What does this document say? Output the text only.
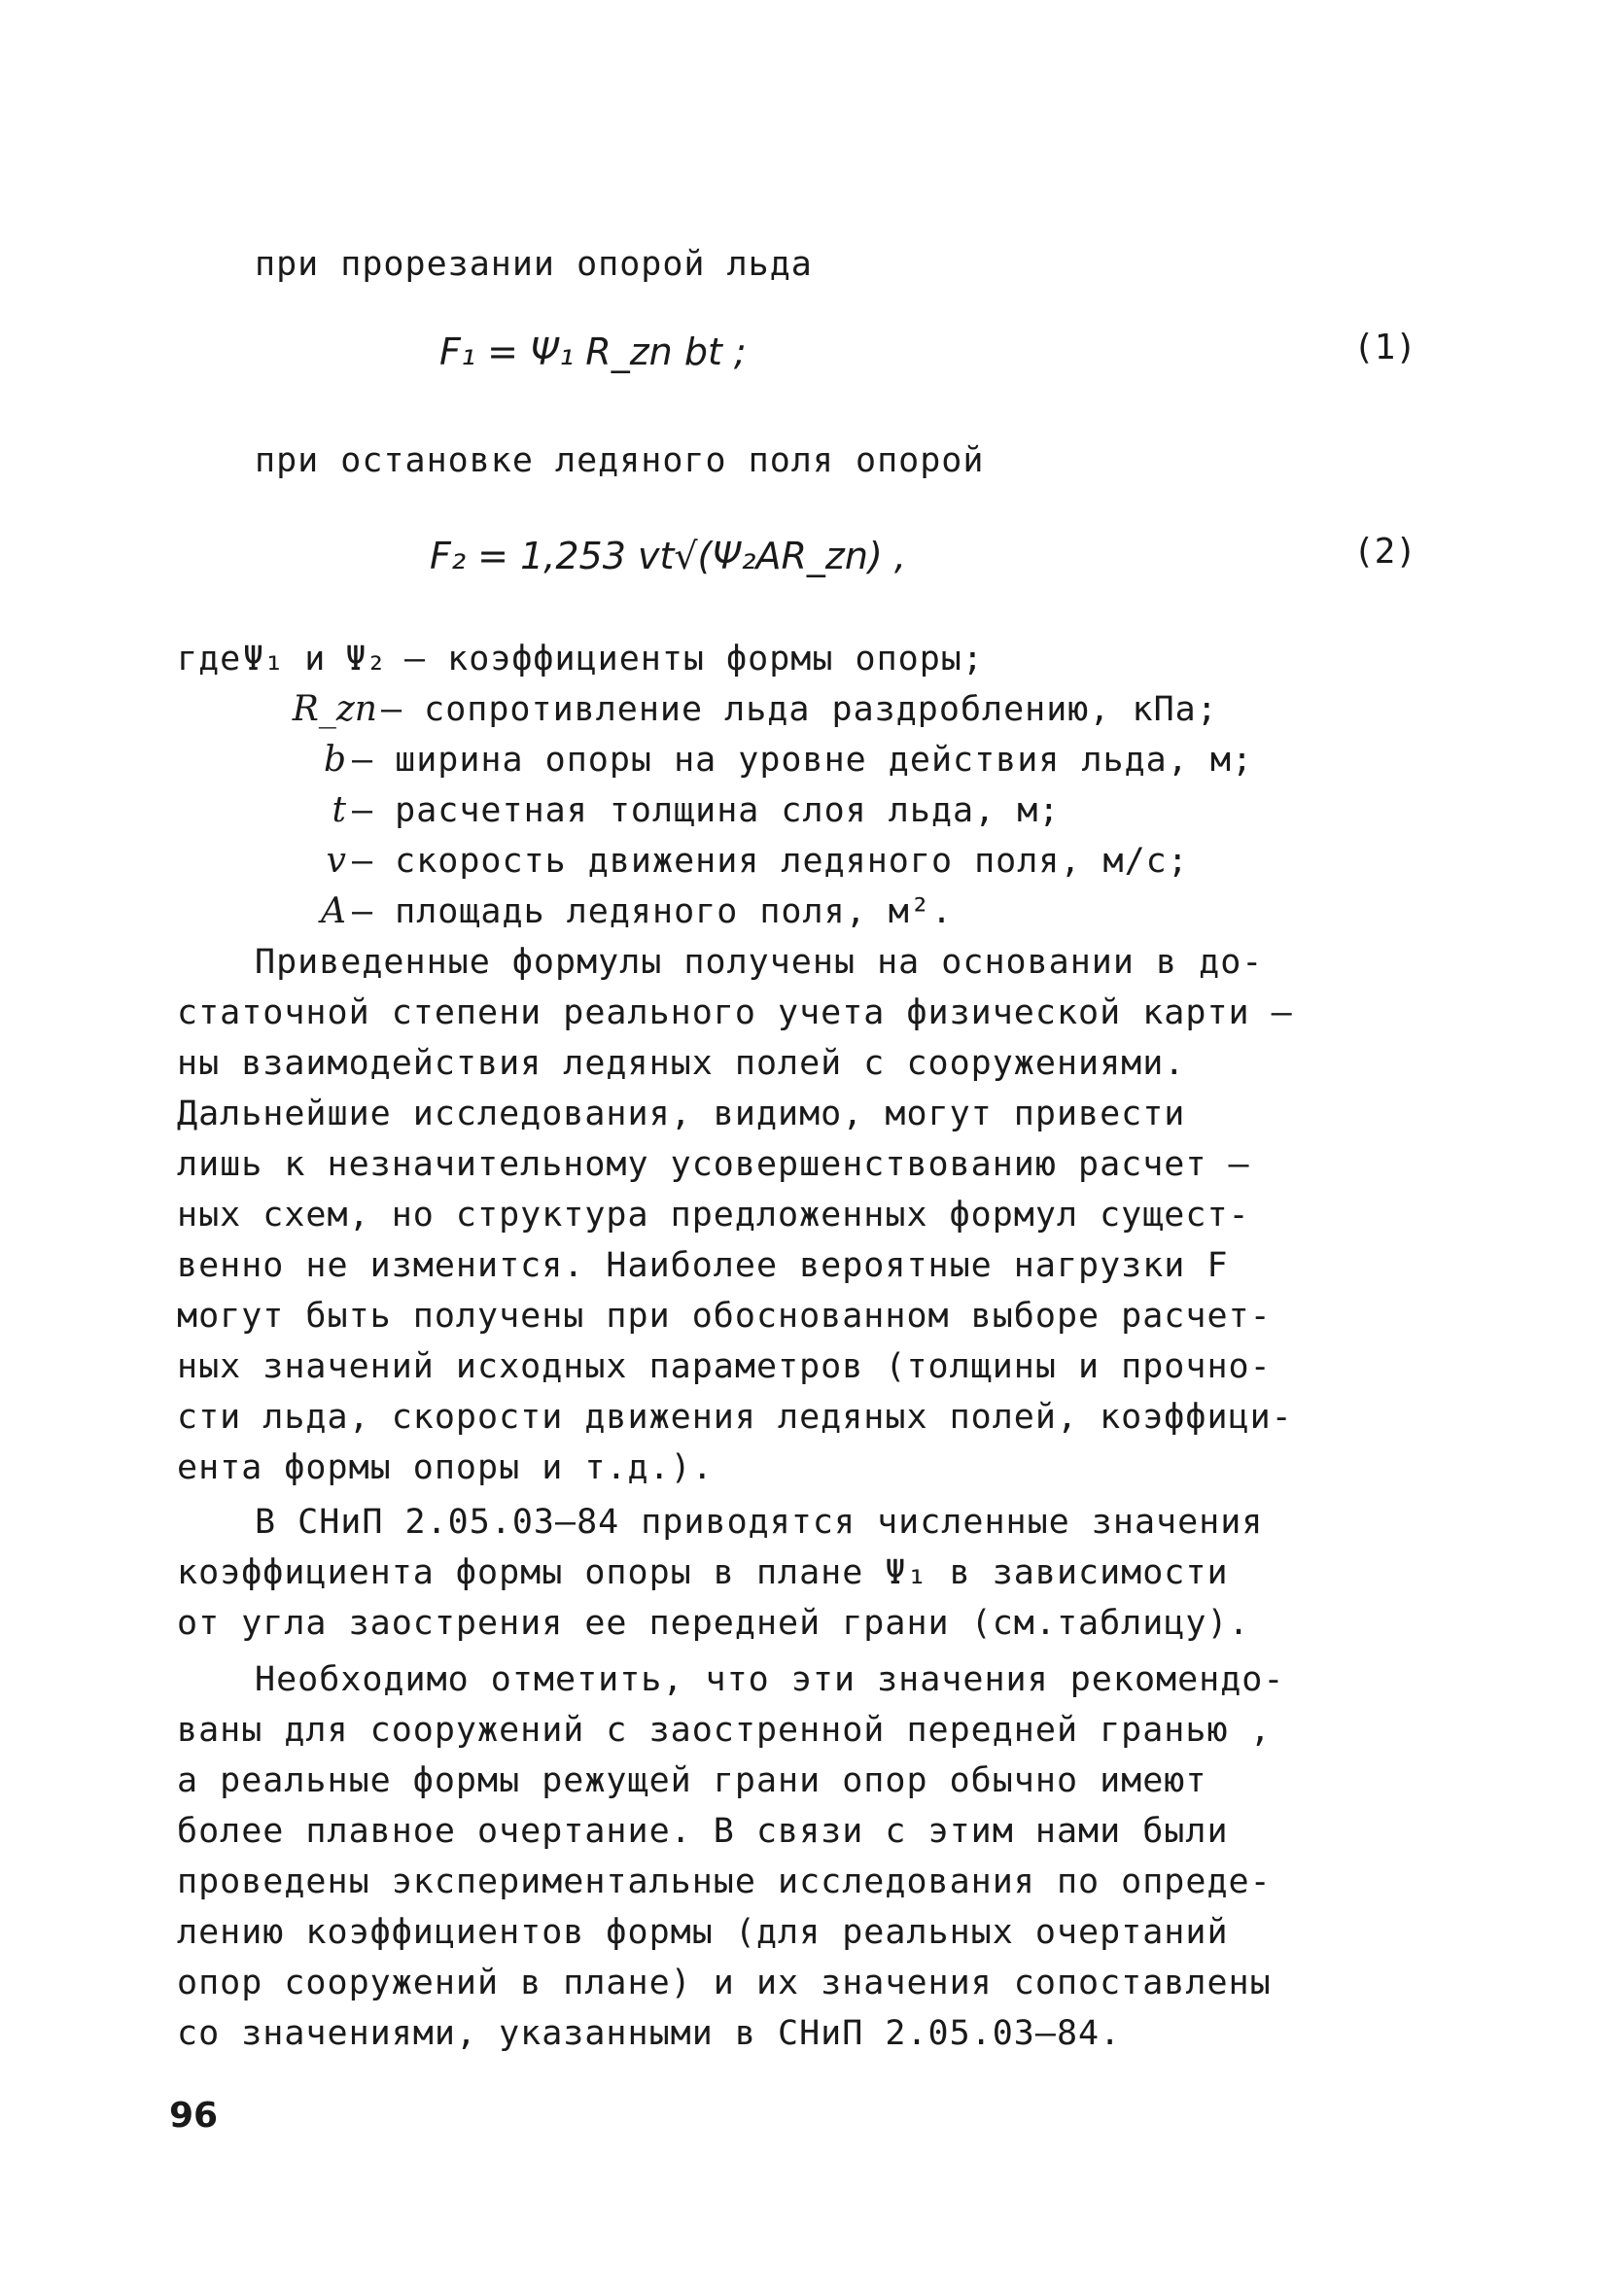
при прорезании опорой льда
F₁ = Ψ₁ R_zn bt ;	(1)
при остановке ледяного поля опорой
F₂ = 1,253 vt√(Ψ₂AR_zn) ,	(2)
где Ψ₁ и Ψ₂ – коэффициенты формы опоры;
R_zn – сопротивление льда раздроблению, кПа;
b – ширина опоры на уровне действия льда, м;
t – расчетная толщина слоя льда, м;
v – скорость движения ледяного поля, м/с;
A – площадь ледяного поля, м².
Приведенные формулы получены на основании в до-
статочной степени реального учета физической карти –
ны взаимодействия ледяных полей с сооружениями.
Дальнейшие исследования, видимо, могут привести
лишь к незначительному усовершенствованию расчет –
ных схем, но структура предложенных формул сущест-
венно не изменится. Наиболее вероятные нагрузки F
могут быть получены при обоснованном выборе расчет-
ных значений исходных параметров (толщины и прочно-
сти льда, скорости движения ледяных полей, коэффици-
ента формы опоры и т.д.).
В СНиП 2.05.03–84 приводятся численные значения
коэффициента формы опоры в плане Ψ₁ в зависимости
от угла заострения ее передней грани (см.таблицу).
Необходимо отметить, что эти значения рекомендо-
ваны для сооружений с заостренной передней гранью ,
а реальные формы режущей грани опор обычно имеют
более плавное очертание. В связи с этим нами были
проведены экспериментальные исследования по опреде-
лению коэффициентов формы (для реальных очертаний
опор сооружений в плане) и их значения сопоставлены
со значениями, указанными в СНиП 2.05.03–84.
96
